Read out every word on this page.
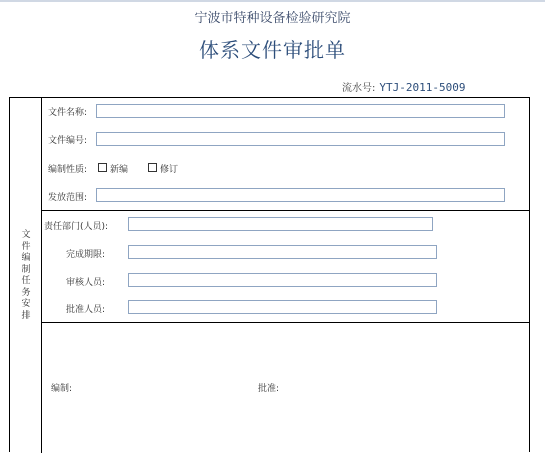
宁波市特种设备检验研究院
体系文件审批单
流水号: YTJ-2011-5009
文
件
编
制
任
务
安
排
文件名称:
文件编号:
编制性质:	新编	修订
发放范围:
责任部门(人员):
完成期限:
审核人员:
批准人员:
编制:	批准:
